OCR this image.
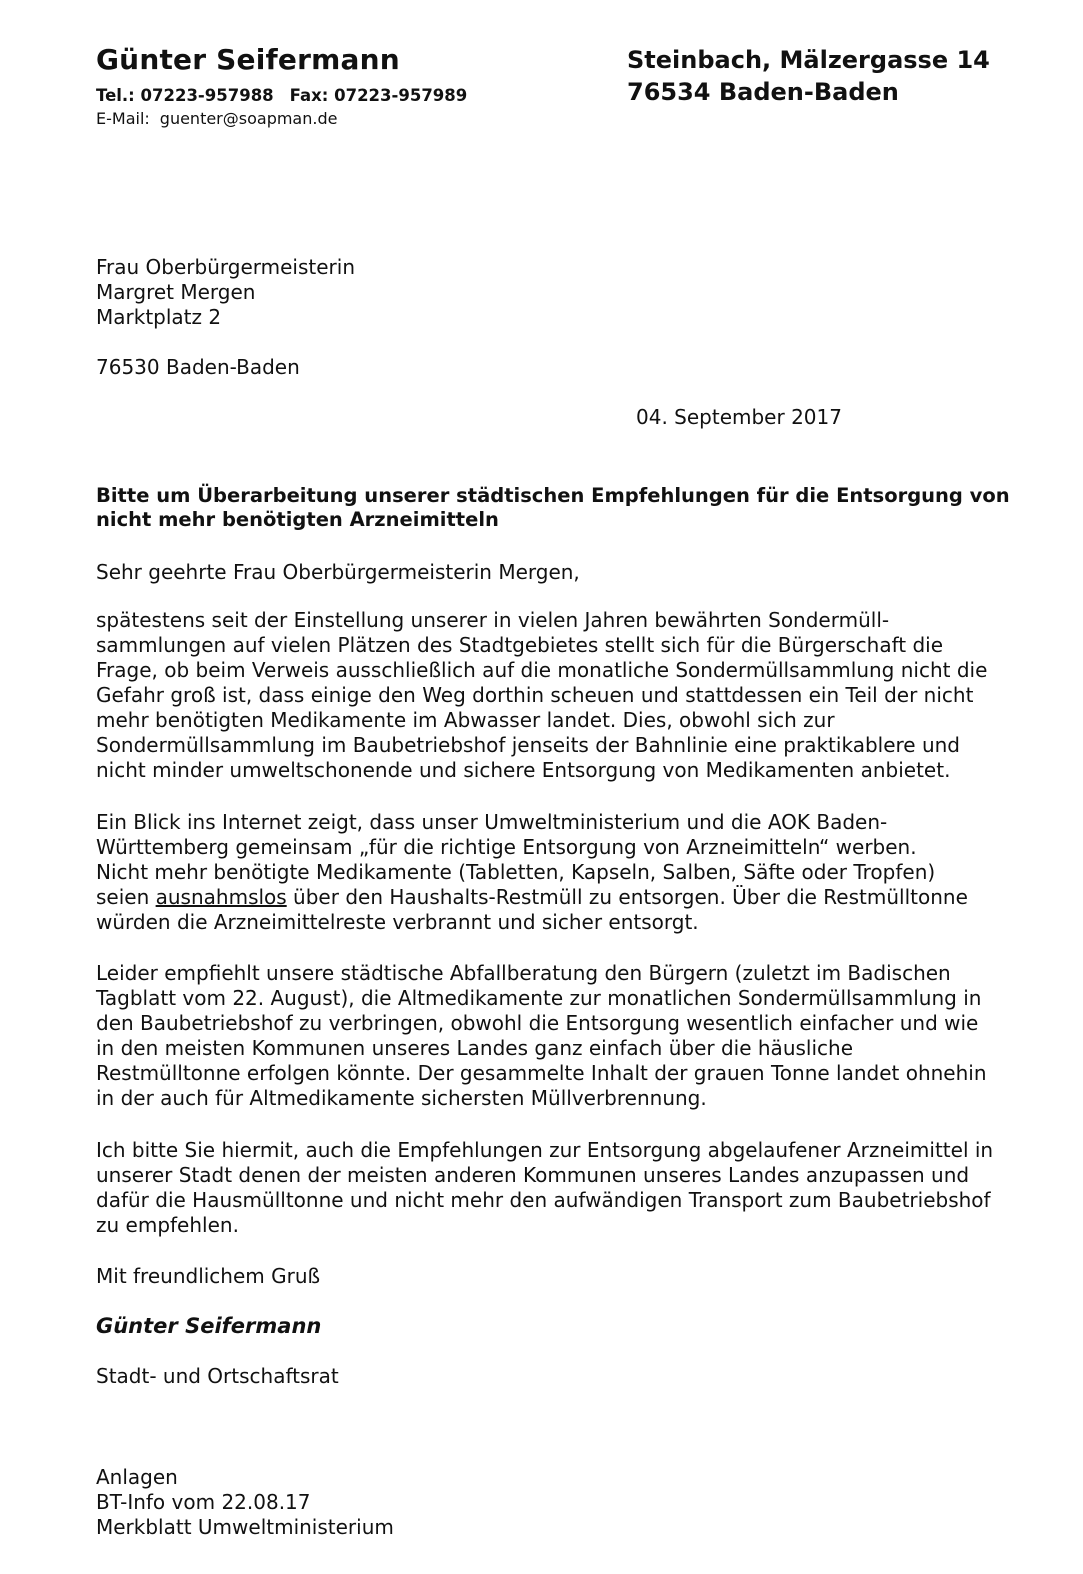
Günter Seifermann
Tel.: 07223-957988 Fax: 07223-957989
E-Mail: guenter@soapman.de
Steinbach, Mälzergasse 14
76534 Baden-Baden
Frau Oberbürgermeisterin
Margret Mergen
Marktplatz 2
76530 Baden-Baden
04. September 2017
Bitte um Überarbeitung unserer städtischen Empfehlungen für die Entsorgung von nicht mehr benötigten Arzneimitteln
Sehr geehrte Frau Oberbürgermeisterin Mergen,
spätestens seit der Einstellung unserer in vielen Jahren bewährten Sondermüll-
sammlungen auf vielen Plätzen des Stadtgebietes stellt sich für die Bürgerschaft die
Frage, ob beim Verweis ausschließlich auf die monatliche Sondermüllsammlung nicht die
Gefahr groß ist, dass einige den Weg dorthin scheuen und stattdessen ein Teil der nicht
mehr benötigten Medikamente im Abwasser landet. Dies, obwohl sich zur
Sondermüllsammlung im Baubetriebshof jenseits der Bahnlinie eine praktikablere und
nicht minder umweltschonende und sichere Entsorgung von Medikamenten anbietet.
Ein Blick ins Internet zeigt, dass unser Umweltministerium und die AOK Baden-
Württemberg gemeinsam „für die richtige Entsorgung von Arzneimitteln“ werben.
Nicht mehr benötigte Medikamente (Tabletten, Kapseln, Salben, Säfte oder Tropfen)
seien ausnahmslos über den Haushalts-Restmüll zu entsorgen. Über die Restmülltonne
würden die Arzneimittelreste verbrannt und sicher entsorgt.
Leider empfiehlt unsere städtische Abfallberatung den Bürgern (zuletzt im Badischen
Tagblatt vom 22. August), die Altmedikamente zur monatlichen Sondermüllsammlung in
den Baubetriebshof zu verbringen, obwohl die Entsorgung wesentlich einfacher und wie
in den meisten Kommunen unseres Landes ganz einfach über die häusliche
Restmülltonne erfolgen könnte. Der gesammelte Inhalt der grauen Tonne landet ohnehin
in der auch für Altmedikamente sichersten Müllverbrennung.
Ich bitte Sie hiermit, auch die Empfehlungen zur Entsorgung abgelaufener Arzneimittel in
unserer Stadt denen der meisten anderen Kommunen unseres Landes anzupassen und
dafür die Hausmülltonne und nicht mehr den aufwändigen Transport zum Baubetriebshof
zu empfehlen.
Mit freundlichem Gruß
Günter Seifermann
Stadt- und Ortschaftsrat
Anlagen
BT-Info vom 22.08.17
Merkblatt Umweltministerium
